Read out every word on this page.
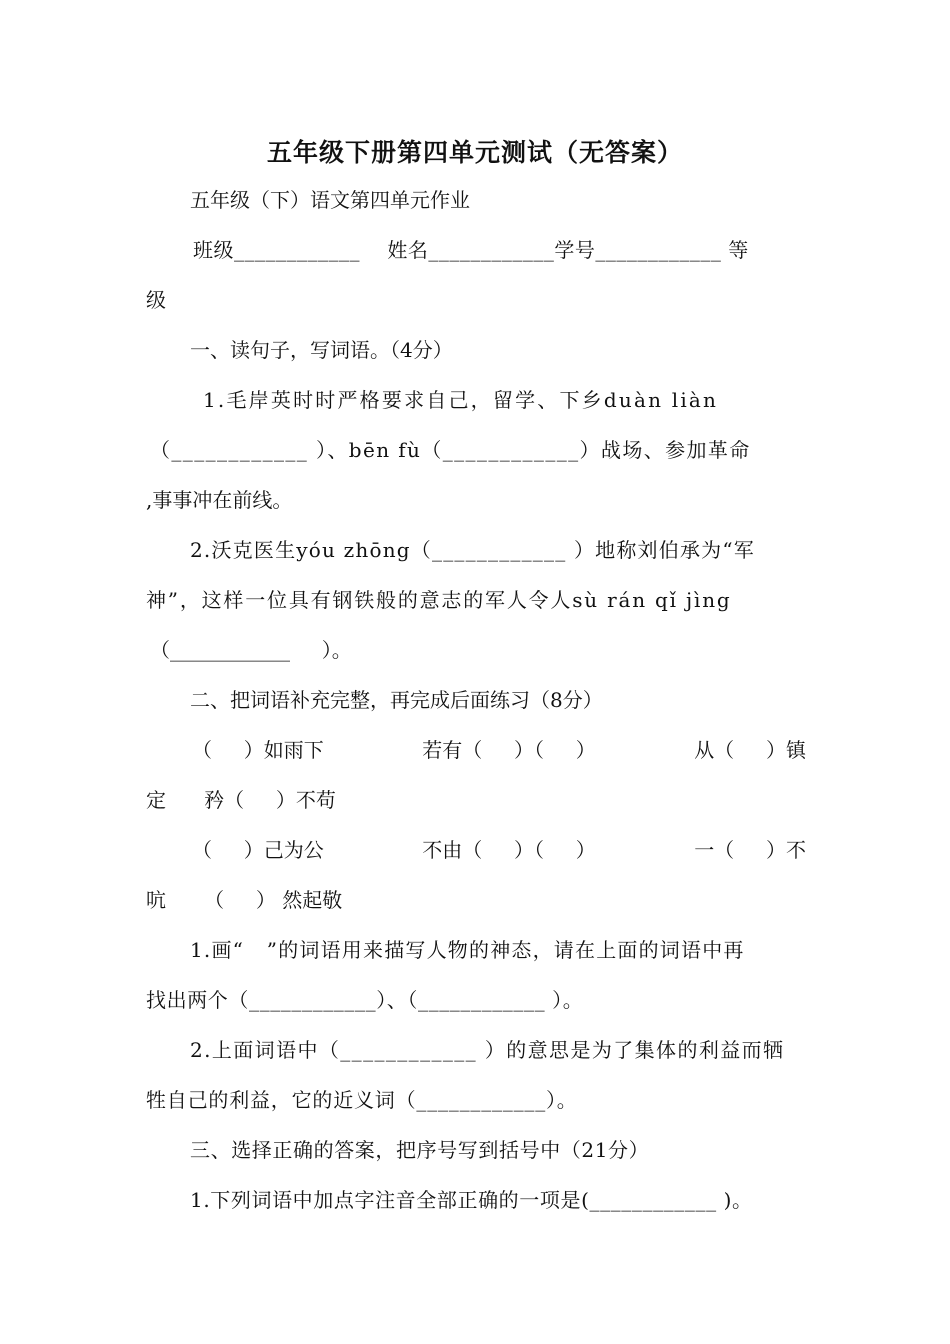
五年级下册第四单元测试（无答案）
五年级（下）语文第四单元作业
班级____________    姓名____________学号____________ 等
级
一、读句子，写词语。（4分）
1.毛岸英时时严格要求自己，留学、下乡duàn liàn
（____________ ）、bēn fù（____________）战场、参加革命
,事事冲在前线。
2.沃克医生yóu zhōng（____________ ）地称刘伯承为“军
神”，这样一位具有钢铁般的意志的军人令人sù rán qǐ jìng
（____________     ）。
二、把词语补充完整，再完成后面练习（8分）
（     ）如雨下	若有（     ）（     ）	从（     ）镇
定      矜（     ）不苟
（     ）己为公	不由（     ）（     ）	一（     ）不
吭      （     ） 然起敬
1.画“   ”的词语用来描写人物的神态，请在上面的词语中再
找出两个（____________）、（____________ ）。
2.上面词语中（____________ ）的意思是为了集体的利益而牺
牲自己的利益，它的近义词（____________）。
三、选择正确的答案，把序号写到括号中（21分）
1.下列词语中加点字注音全部正确的一项是(____________ )。
